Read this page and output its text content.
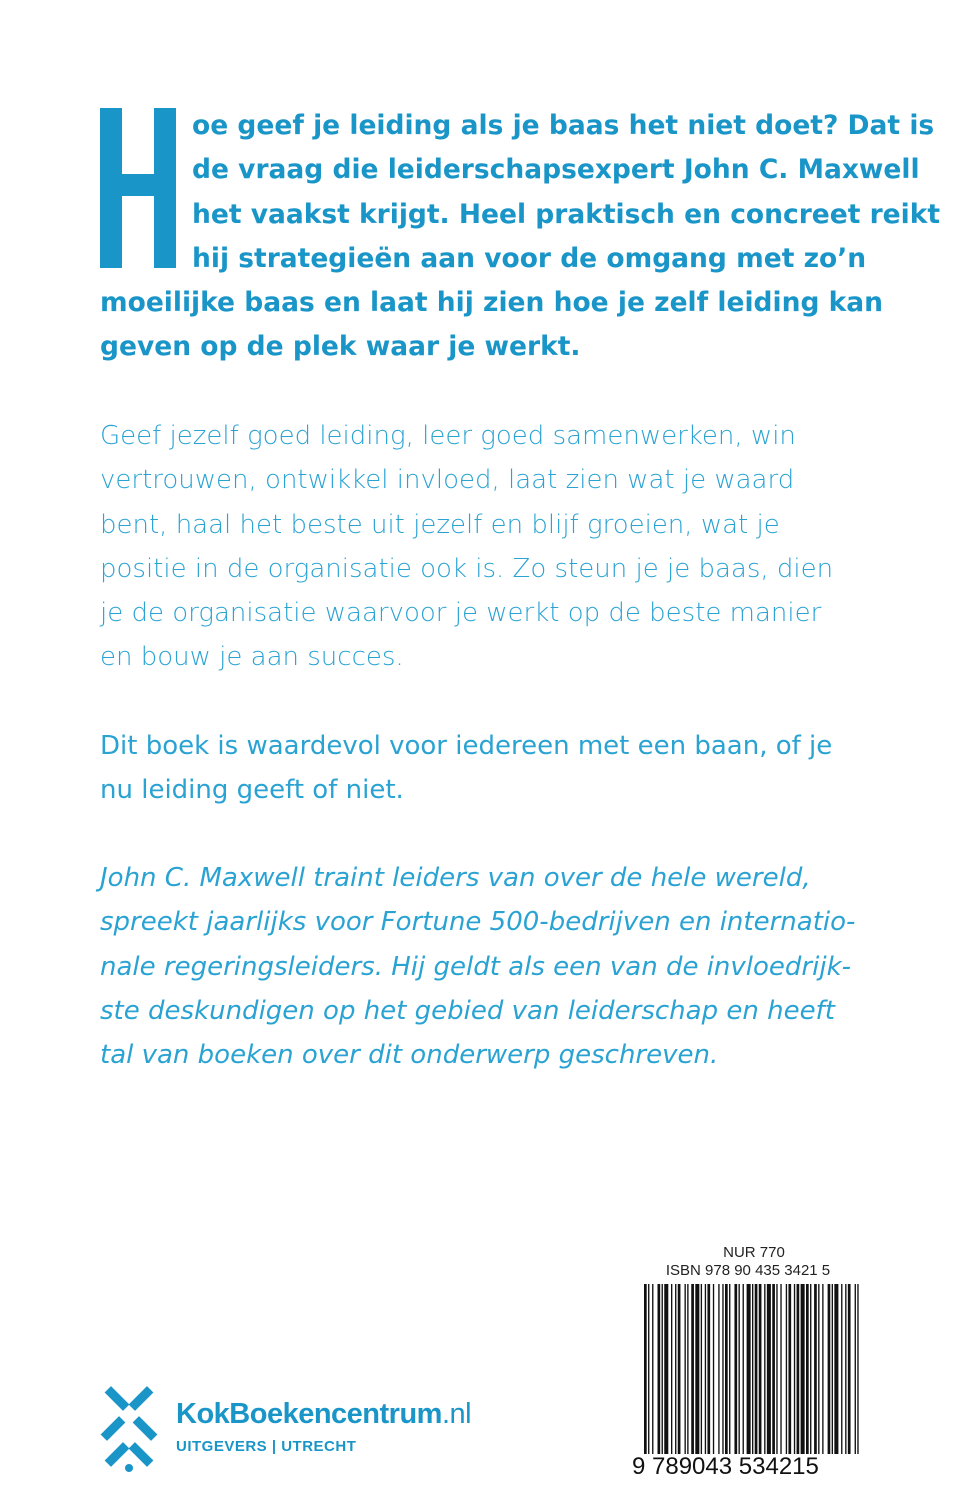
oe geef je leiding als je baas het niet doet? Dat is
de vraag die leiderschapsexpert John C. Maxwell
het vaakst krijgt. Heel praktisch en concreet reikt
hij strategieën aan voor de omgang met zo’n
moeilijke baas en laat hij zien hoe je zelf leiding kan
geven op de plek waar je werkt.

Geef jezelf goed leiding, leer goed samenwerken, win
vertrouwen, ontwikkel invloed, laat zien wat je waard
bent, haal het beste uit jezelf en blijf groeien, wat je
positie in de organisatie ook is. Zo steun je je baas, dien
je de organisatie waarvoor je werkt op de beste manier
en bouw je aan succes.

Dit boek is waardevol voor iedereen met een baan, of je
nu leiding geeft of niet.

John C. Maxwell traint leiders van over de hele wereld,
spreekt jaarlijks voor Fortune 500-bedrijven en internatio-
nale regeringsleiders. Hij geldt als een van de invloedrijk-
ste deskundigen op het gebied van leiderschap en heeft
tal van boeken over dit onderwerp geschreven.

NUR 770
ISBN 978 90 435 3421 5
9 789043 534215
KokBoekencentrum.nl
UITGEVERS | UTRECHT
